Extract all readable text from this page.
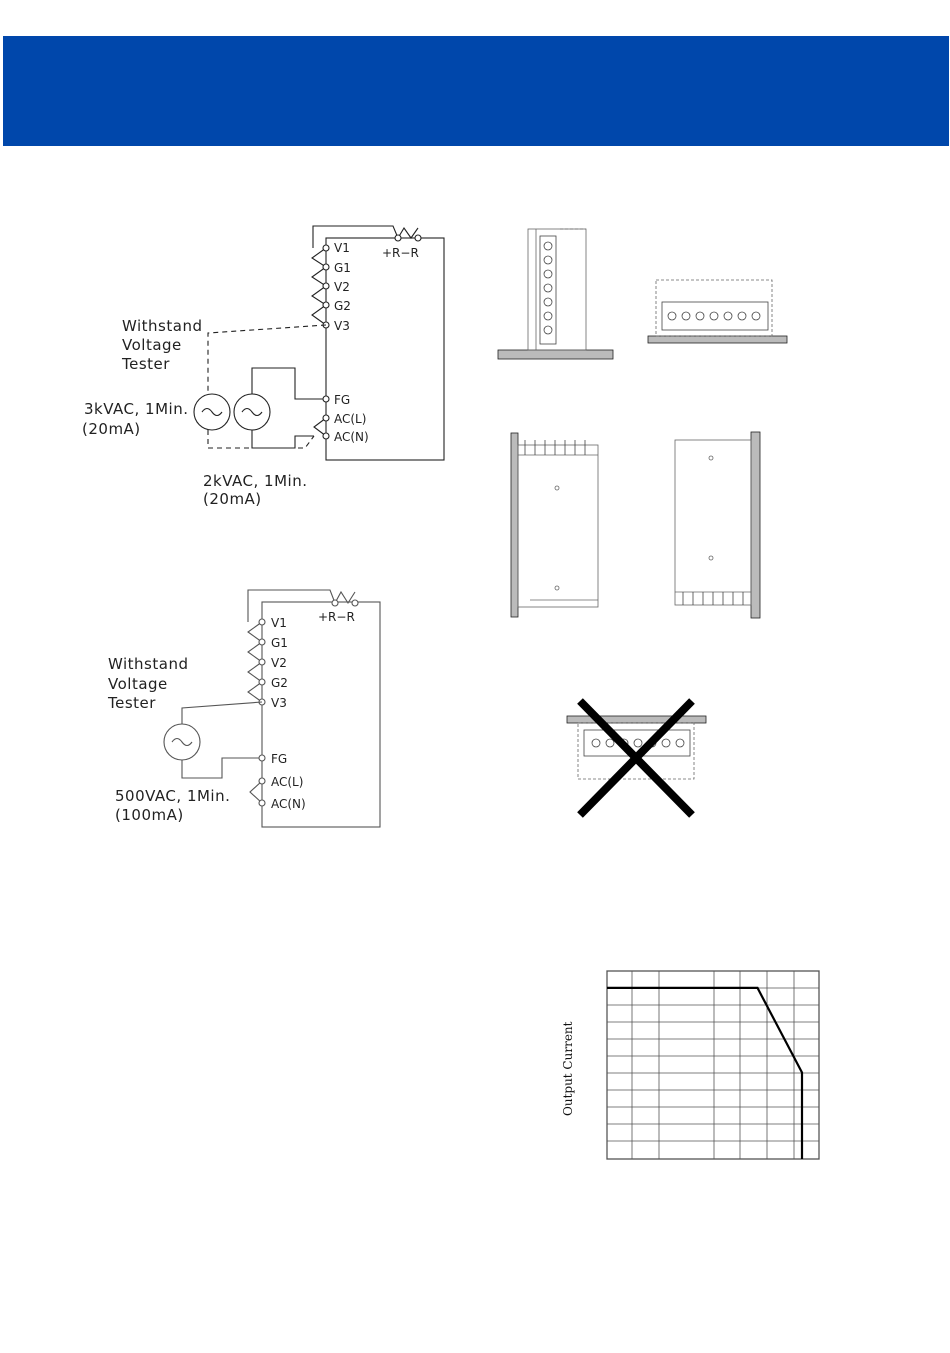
V1
G1
V2
G2
V3
FG
AC(L)
AC(N)
+R−R
Withstand
Voltage
Tester
3kVAC, 1Min.
(20mA)
2kVAC, 1Min.
(20mA)
V1
G1
V2
G2
V3
FG
AC(L)
AC(N)
+R−R
Withstand
Voltage
Tester
500VAC, 1Min.
(100mA)
Output Current
